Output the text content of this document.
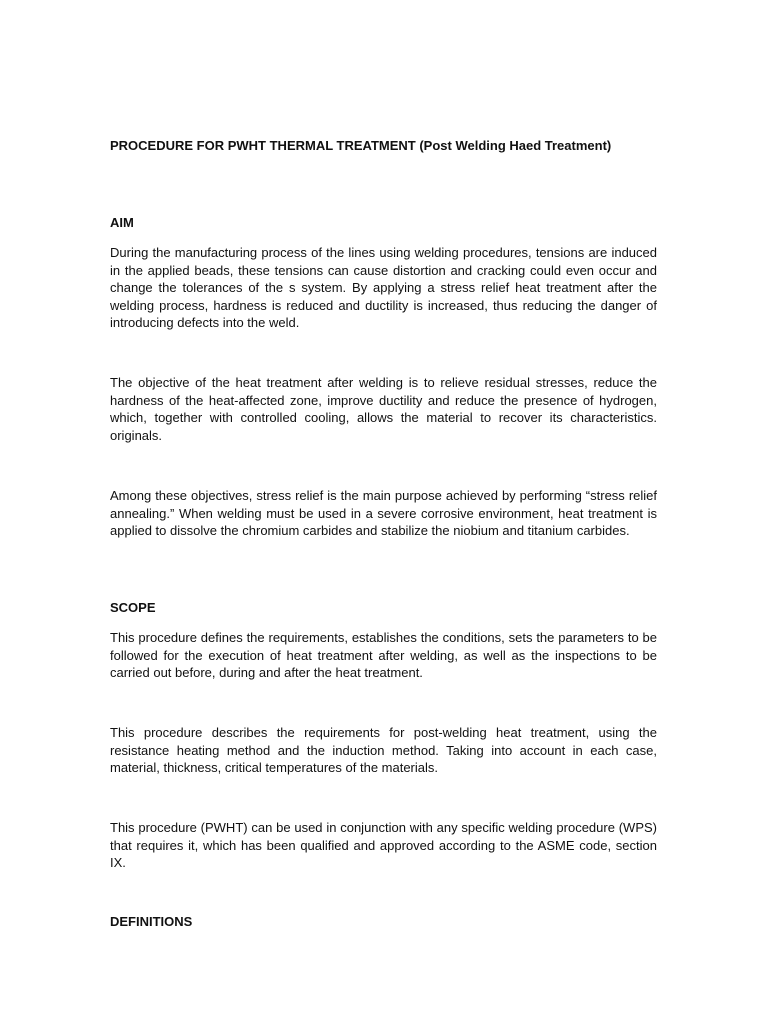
PROCEDURE FOR PWHT THERMAL TREATMENT (Post Welding Haed Treatment)

AIM

During the manufacturing process of the lines using welding procedures, tensions are induced in the applied beads, these tensions can cause distortion and cracking could even occur and change the tolerances of the s system. By applying a stress relief heat treatment after the welding process, hardness is reduced and ductility is increased, thus reducing the danger of introducing defects into the weld.

The objective of the heat treatment after welding is to relieve residual stresses, reduce the hardness of the heat-affected zone, improve ductility and reduce the presence of hydrogen, which, together with controlled cooling, allows the material to recover its characteristics. originals.

Among these objectives, stress relief is the main purpose achieved by performing “stress relief annealing.” When welding must be used in a severe corrosive environment, heat treatment is applied to dissolve the chromium carbides and stabilize the niobium and titanium carbides.

SCOPE

This procedure defines the requirements, establishes the conditions, sets the parameters to be followed for the execution of heat treatment after welding, as well as the inspections to be carried out before, during and after the heat treatment.

This procedure describes the requirements for post-welding heat treatment, using the resistance heating method and the induction method. Taking into account in each case, material, thickness, critical temperatures of the materials.

This procedure (PWHT) can be used in conjunction with any specific welding procedure (WPS) that requires it, which has been qualified and approved according to the ASME code, section IX.

DEFINITIONS
